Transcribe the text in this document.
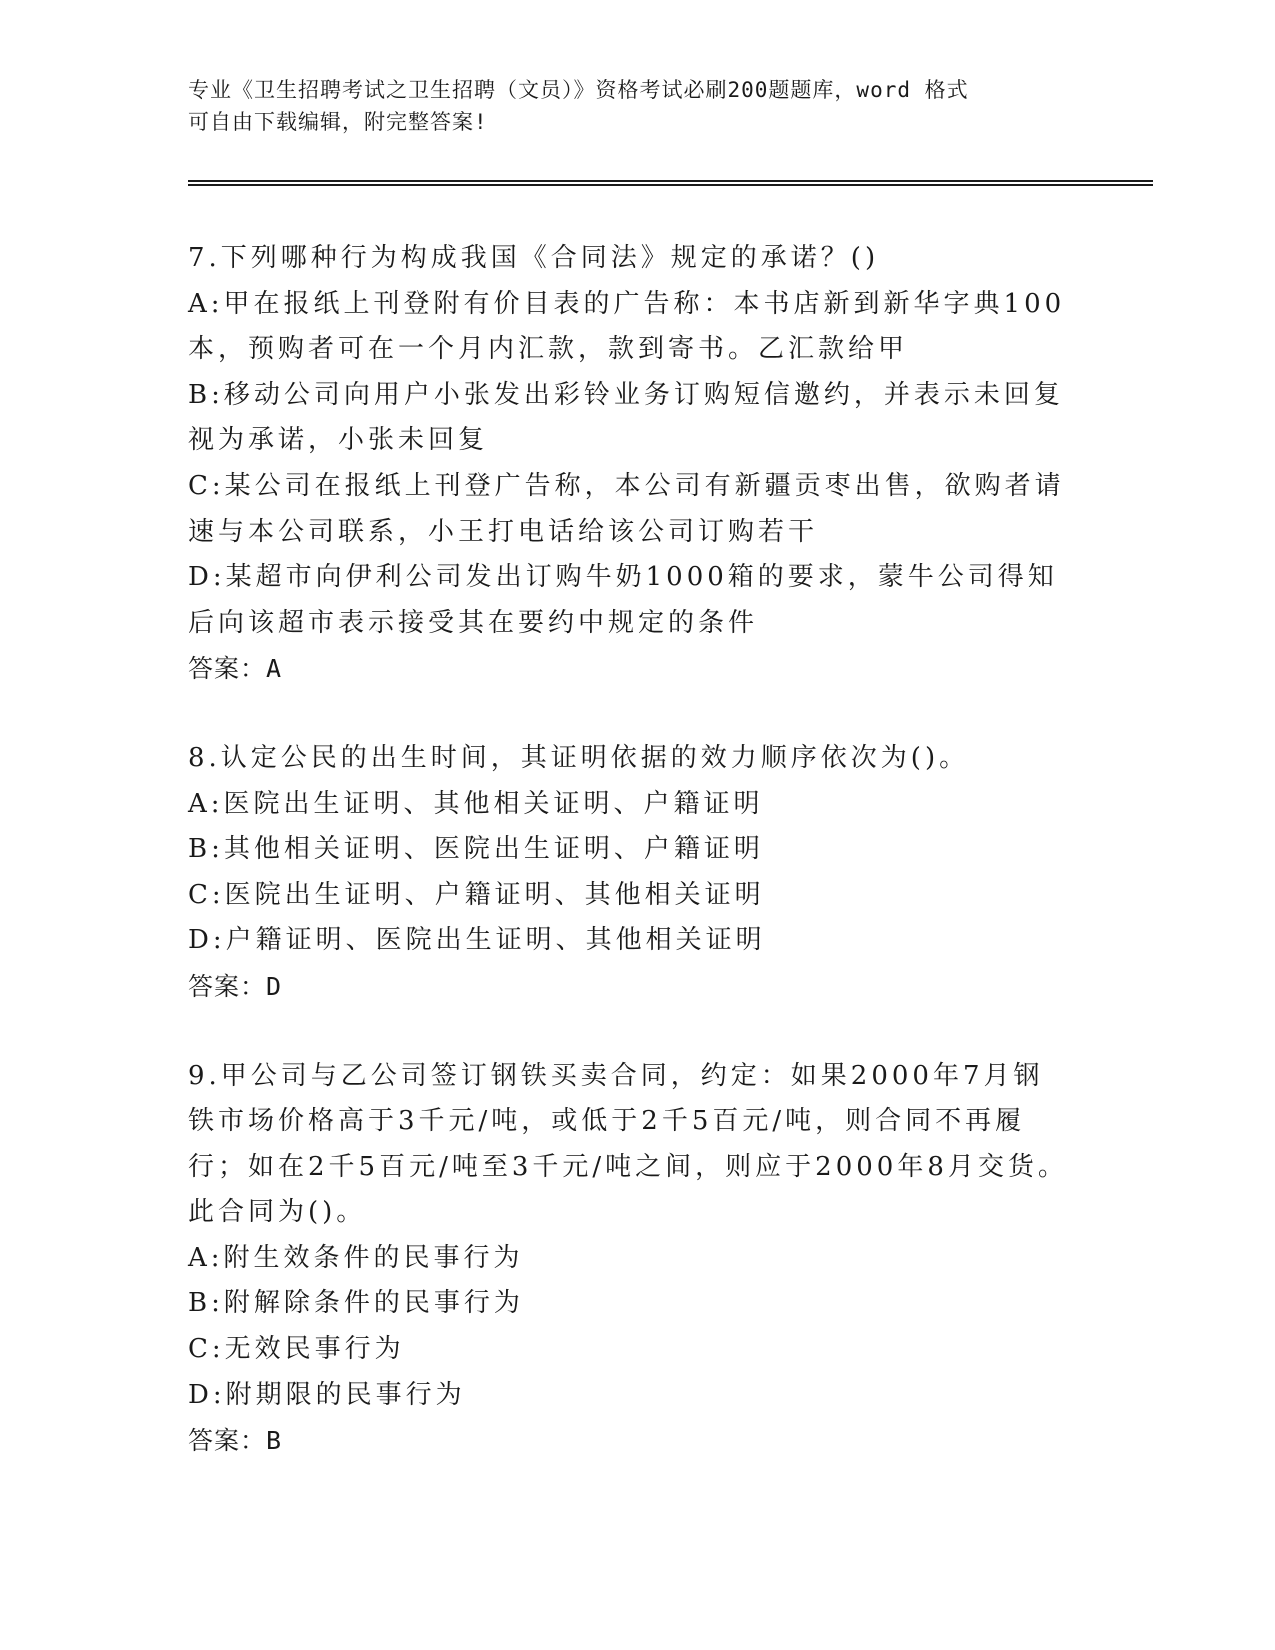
专业《卫生招聘考试之卫生招聘（文员）》资格考试必刷200题题库，word 格式
可自由下载编辑，附完整答案!
7.下列哪种行为构成我国《合同法》规定的承诺？()
A:甲在报纸上刊登附有价目表的广告称：本书店新到新华字典100本，预购者可在一个月内汇款，款到寄书。乙汇款给甲
B:移动公司向用户小张发出彩铃业务订购短信邀约，并表示未回复视为承诺，小张未回复
C:某公司在报纸上刊登广告称，本公司有新疆贡枣出售，欲购者请速与本公司联系，小王打电话给该公司订购若干
D:某超市向伊利公司发出订购牛奶1000箱的要求，蒙牛公司得知后向该超市表示接受其在要约中规定的条件
答案：A
8.认定公民的出生时间，其证明依据的效力顺序依次为()。
A:医院出生证明、其他相关证明、户籍证明
B:其他相关证明、医院出生证明、户籍证明
C:医院出生证明、户籍证明、其他相关证明
D:户籍证明、医院出生证明、其他相关证明
答案：D
9.甲公司与乙公司签订钢铁买卖合同，约定：如果2000年7月钢铁市场价格高于3千元/吨，或低于2千5百元/吨，则合同不再履行；如在2千5百元/吨至3千元/吨之间，则应于2000年8月交货。此合同为()。
A:附生效条件的民事行为
B:附解除条件的民事行为
C:无效民事行为
D:附期限的民事行为
答案：B
